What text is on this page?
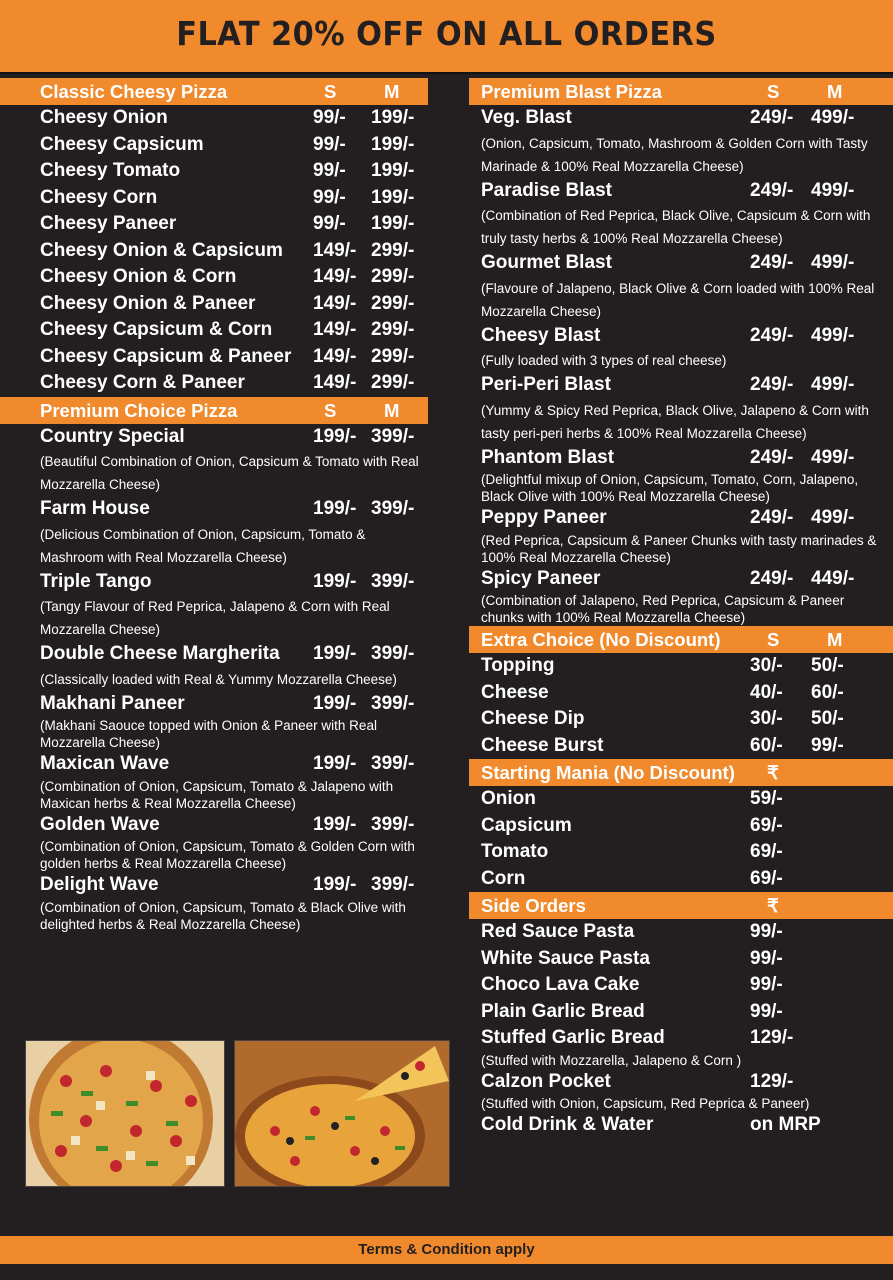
FLAT 20% OFF ON ALL ORDERS
Classic Cheesy Pizza	S	M
Cheesy Onion	99/- 199/-
Cheesy Capsicum	99/- 199/-
Cheesy Tomato	99/- 199/-
Cheesy Corn	99/- 199/-
Cheesy Paneer	99/- 199/-
Cheesy Onion & Capsicum	149/- 299/-
Cheesy Onion & Corn	149/- 299/-
Cheesy Onion & Paneer	149/- 299/-
Cheesy Capsicum & Corn	149/- 299/-
Cheesy Capsicum & Paneer	149/- 299/-
Cheesy Corn & Paneer	149/- 299/-
Premium Choice Pizza	S	M
Country Special	199/- 399/-
(Beautiful Combination of Onion, Capsicum & Tomato with Real Mozzarella Cheese)
Farm House	199/- 399/-
(Delicious Combination of Onion, Capsicum, Tomato & Mashroom with Real Mozzarella Cheese)
Triple Tango	199/- 399/-
(Tangy Flavour of Red Peprica, Jalapeno & Corn with Real Mozzarella Cheese)
Double Cheese Margherita	199/- 399/-
(Classically loaded with Real & Yummy Mozzarella Cheese)
Makhani Paneer	199/- 399/-
(Makhani Saouce topped with Onion & Paneer with Real Mozzarella Cheese)
Maxican Wave	199/- 399/-
(Combination of Onion, Capsicum, Tomato & Jalapeno with Maxican herbs & Real Mozzarella Cheese)
Golden Wave	199/- 399/-
(Combination of Onion, Capsicum, Tomato & Golden Corn with golden herbs & Real Mozzarella Cheese)
Delight Wave	199/- 399/-
(Combination of Onion, Capsicum, Tomato & Black Olive with delighted herbs & Real Mozzarella Cheese)
Premium Blast Pizza	S	M
Veg. Blast	249/- 499/-
(Onion, Capsicum, Tomato, Mashroom & Golden Corn with Tasty Marinade & 100% Real Mozzarella Cheese)
Paradise Blast	249/- 499/-
(Combination of Red Peprica, Black Olive, Capsicum & Corn with truly tasty herbs & 100% Real Mozzarella Cheese)
Gourmet Blast	249/- 499/-
(Flavoure of Jalapeno, Black Olive & Corn loaded with 100% Real Mozzarella Cheese)
Cheesy Blast	249/- 499/-
(Fully loaded with 3 types of real cheese)
Peri-Peri Blast	249/- 499/-
(Yummy & Spicy Red Peprica, Black Olive, Jalapeno & Corn with tasty peri-peri herbs & 100% Real Mozzarella Cheese)
Phantom Blast	249/- 499/-
(Delightful mixup of Onion, Capsicum, Tomato, Corn, Jalapeno, Black Olive with 100% Real Mozzarella Cheese)
Peppy Paneer	249/- 499/-
(Red Peprica, Capsicum & Paneer Chunks with tasty marinades & 100% Real Mozzarella Cheese)
Spicy Paneer	249/- 449/-
(Combination of Jalapeno, Red Peprica, Capsicum & Paneer chunks with 100% Real Mozzarella Cheese)
Extra Choice (No Discount)	S	M
Topping	30/- 50/-
Cheese	40/- 60/-
Cheese Dip	30/- 50/-
Cheese Burst	60/- 99/-
Starting Mania (No Discount) ₹
Onion	59/-
Capsicum	69/-
Tomato	69/-
Corn	69/-
Side Orders	₹
Red Sauce Pasta	99/-
White Sauce Pasta	99/-
Choco Lava Cake	99/-
Plain Garlic Bread	99/-
Stuffed Garlic Bread	129/-
(Stuffed with Mozzarella, Jalapeno & Corn )
Calzon Pocket	129/-
(Stuffed with Onion, Capsicum, Red Peprica & Paneer)
Cold Drink & Water	on MRP
Terms & Condition apply
